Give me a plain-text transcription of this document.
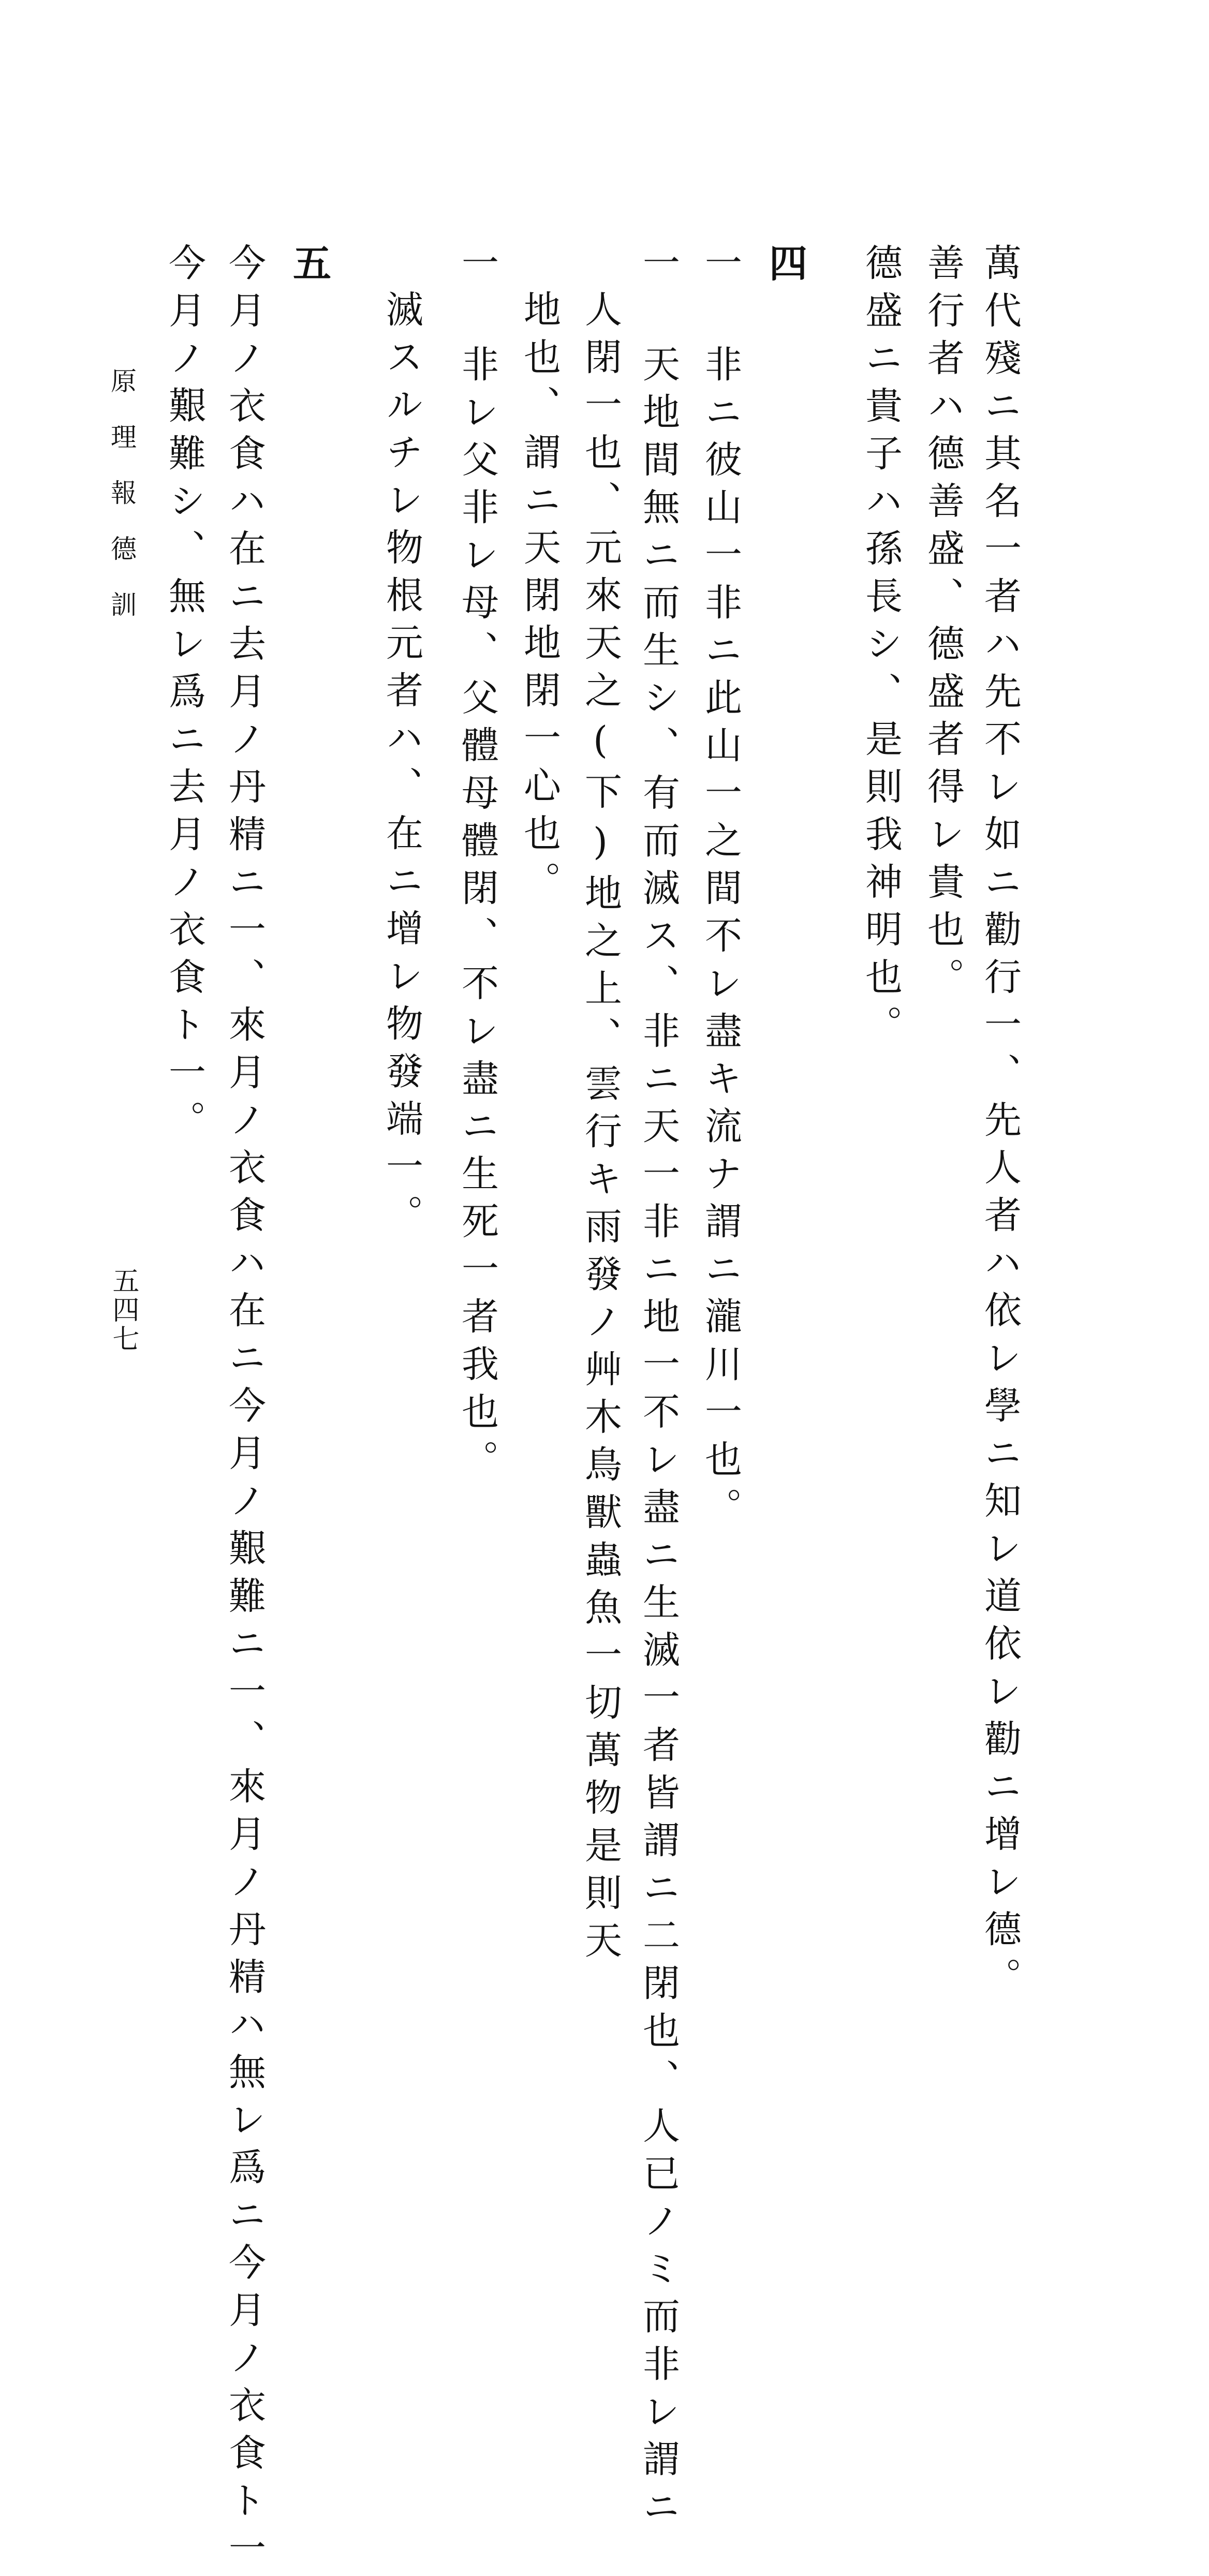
萬代殘ニ其名一者ハ先不レ如ニ勸行一、先人者ハ依レ學ニ知レ道依レ勸ニ增レ德。
善行者ハ德善盛、德盛者得レ貴也。
德盛ニ貴子ハ孫長シ、是則我神明也。
四
一 非ニ彼山一非ニ此山一之間不レ盡キ流ナ謂ニ瀧川一也。
一 天地間無ニ而生シ、有而滅ス、非ニ天一非ニ地一不レ盡ニ生滅一者皆謂ニ二閉也、人已ノミ而非レ謂ニ
人閉一也、元來天之(下)地之上、雲行キ雨發ノ艸木鳥獸蟲魚一切萬物是則天
地也、謂ニ天閉地閉一心也。
一 非レ父非レ母、父體母體閉、不レ盡ニ生死一者我也。
滅スルチレ物根元者ハ、在ニ增レ物發端一。
五
今月ノ衣食ハ在ニ去月ノ丹精ニ一、來月ノ衣食ハ在ニ今月ノ艱難ニ一、來月ノ丹精ハ無レ爲ニ今月ノ衣食ト一
今月ノ艱難シ、無レ爲ニ去月ノ衣食ト一。
原理報德訓
五四七
